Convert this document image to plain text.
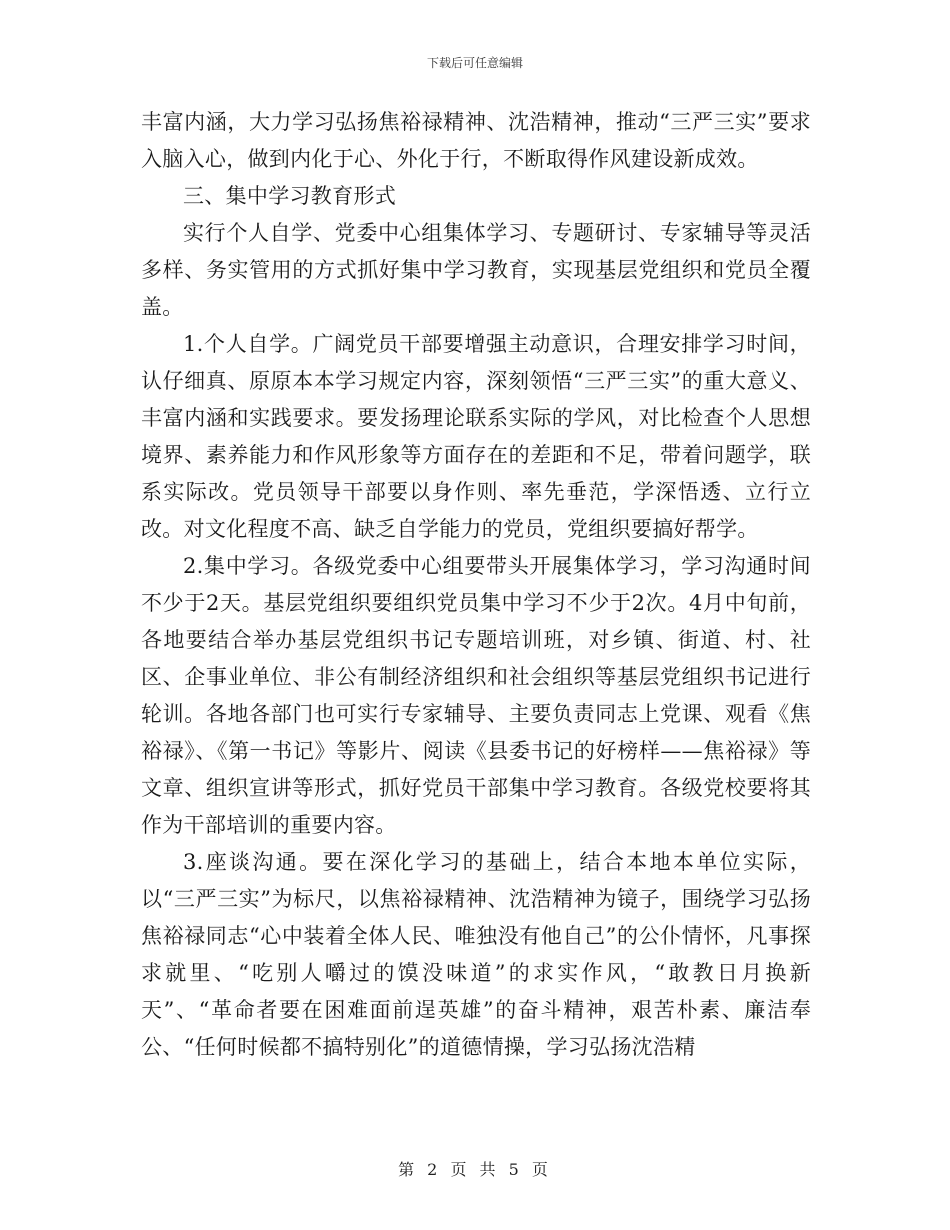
下载后可任意编辑

丰富内涵，大力学习弘扬焦裕禄精神、沈浩精神，推动“三严三实”要求入脑入心，做到内化于心、外化于行，不断取得作风建设新成效。

三、集中学习教育形式

实行个人自学、党委中心组集体学习、专题研讨、专家辅导等灵活多样、务实管用的方式抓好集中学习教育，实现基层党组织和党员全覆盖。

1.个人自学。广阔党员干部要增强主动意识，合理安排学习时间，认仔细真、原原本本学习规定内容，深刻领悟“三严三实”的重大意义、丰富内涵和实践要求。要发扬理论联系实际的学风，对比检查个人思想境界、素养能力和作风形象等方面存在的差距和不足，带着问题学，联系实际改。党员领导干部要以身作则、率先垂范，学深悟透、立行立改。对文化程度不高、缺乏自学能力的党员，党组织要搞好帮学。

2.集中学习。各级党委中心组要带头开展集体学习，学习沟通时间不少于2天。基层党组织要组织党员集中学习不少于2次。4月中旬前，各地要结合举办基层党组织书记专题培训班，对乡镇、街道、村、社区、企事业单位、非公有制经济组织和社会组织等基层党组织书记进行轮训。各地各部门也可实行专家辅导、主要负责同志上党课、观看《焦裕禄》、《第一书记》等影片、阅读《县委书记的好榜样——焦裕禄》等文章、组织宣讲等形式，抓好党员干部集中学习教育。各级党校要将其作为干部培训的重要内容。

3.座谈沟通。要在深化学习的基础上，结合本地本单位实际，以“三严三实”为标尺，以焦裕禄精神、沈浩精神为镜子，围绕学习弘扬焦裕禄同志“心中装着全体人民、唯独没有他自己”的公仆情怀，凡事探求就里、“吃别人嚼过的馍没味道”的求实作风，“敢教日月换新天”、“革命者要在困难面前逞英雄”的奋斗精神，艰苦朴素、廉洁奉公、“任何时候都不搞特别化”的道德情操，学习弘扬沈浩精

第 2 页 共 5 页
